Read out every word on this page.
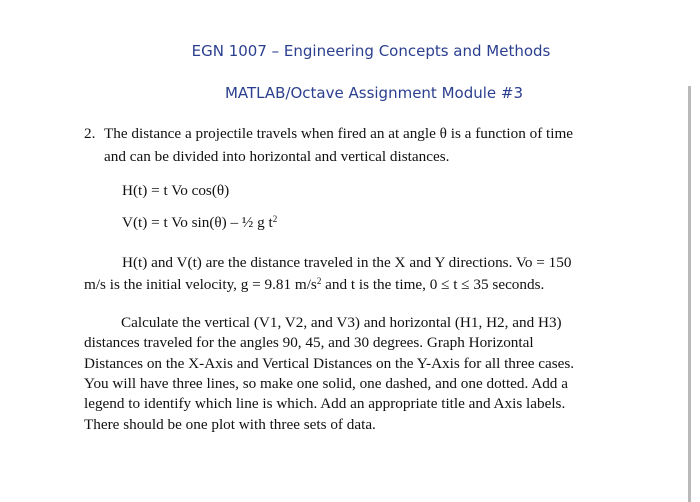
EGN 1007 – Engineering Concepts and Methods
MATLAB/Octave Assignment Module #3
2. The distance a projectile travels when fired an at angle θ is a function of time

and can be divided into horizontal and vertical distances.

H(t) = t Vo cos(θ)

V(t) = t Vo sin(θ) – ½ g $t^2$

H(t) and V(t) are the distance traveled in the X and Y directions. Vo = 150

m/s is the initial velocity, g = 9.81 $m/s^2$ and t is the time, 0 ≤ t ≤ 35 seconds.

Calculate the vertical (V1, V2, and V3) and horizontal (H1, H2, and H3)

distances traveled for the angles 90, 45, and 30 degrees. Graph Horizontal

Distances on the X-Axis and Vertical Distances on the Y-Axis for all three cases.

You will have three lines, so make one solid, one dashed, and one dotted. Add a

legend to identify which line is which. Add an appropriate title and Axis labels.

There should be one plot with three sets of data.
